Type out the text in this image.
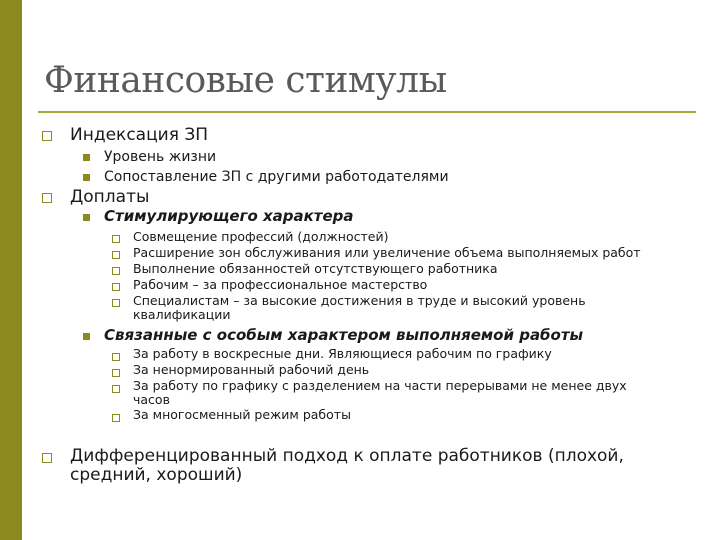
Финансовые стимулы
Индексация ЗП
Уровень жизни
Сопоставление ЗП с другими работодателями
Доплаты
Стимулирующего характера
Совмещение профессий (должностей)
Расширение зон обслуживания или увеличение объема выполняемых работ
Выполнение обязанностей отсутствующего работника
Рабочим – за профессиональное мастерство
Специалистам – за высокие достижения в труде и высокий уровень
квалификации
Связанные с особым характером выполняемой работы
За работу в воскресные дни. Являющиеся рабочим по графику
За ненормированный рабочий день
За работу по графику с разделением на части перерывами не менее двух
часов
За многосменный режим работы
Дифференцированный подход к оплате работников (плохой,
средний, хороший)
